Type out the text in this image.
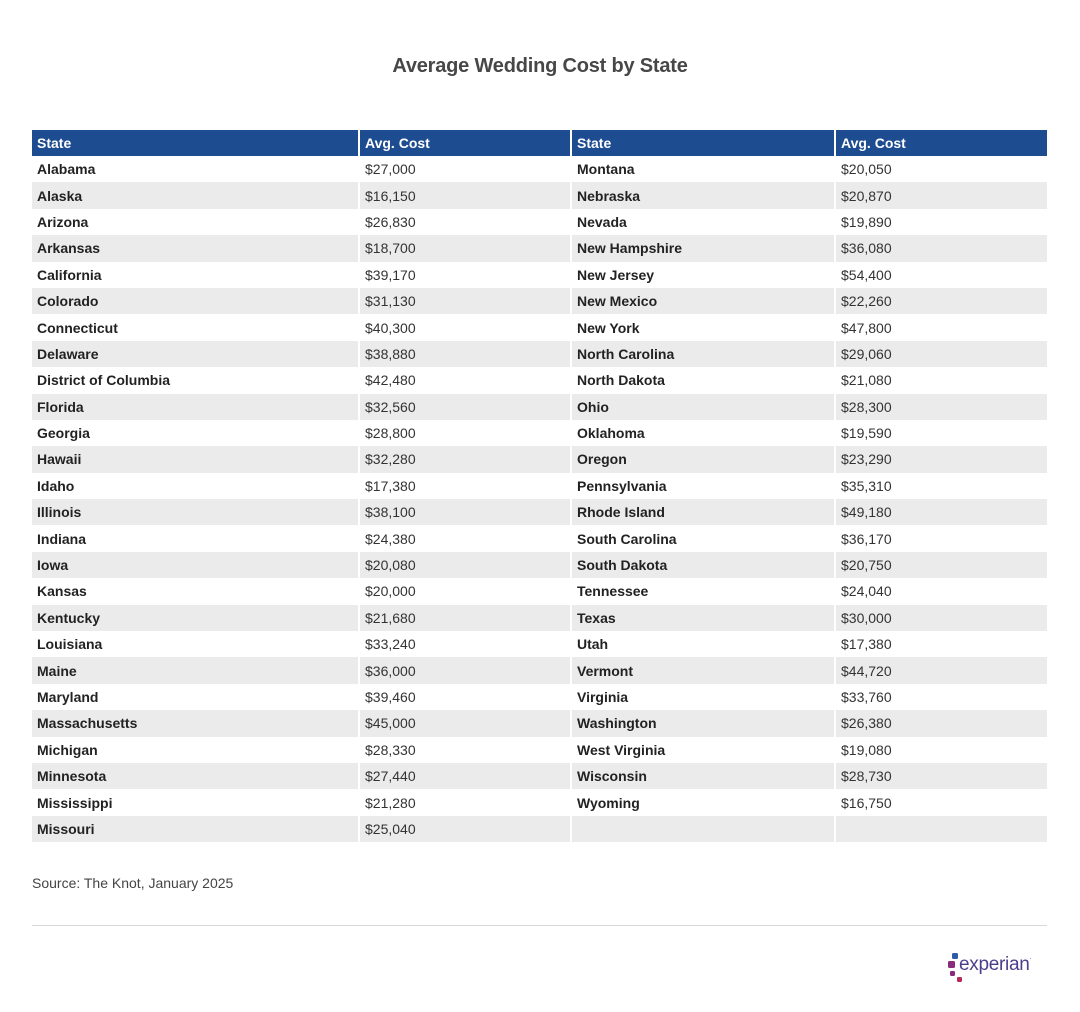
Average Wedding Cost by State
State	Avg. Cost	State	Avg. Cost
Alabama	$27,000	Montana	$20,050
Alaska	$16,150	Nebraska	$20,870
Arizona	$26,830	Nevada	$19,890
Arkansas	$18,700	New Hampshire	$36,080
California	$39,170	New Jersey	$54,400
Colorado	$31,130	New Mexico	$22,260
Connecticut	$40,300	New York	$47,800
Delaware	$38,880	North Carolina	$29,060
District of Columbia	$42,480	North Dakota	$21,080
Florida	$32,560	Ohio	$28,300
Georgia	$28,800	Oklahoma	$19,590
Hawaii	$32,280	Oregon	$23,290
Idaho	$17,380	Pennsylvania	$35,310
Illinois	$38,100	Rhode Island	$49,180
Indiana	$24,380	South Carolina	$36,170
Iowa	$20,080	South Dakota	$20,750
Kansas	$20,000	Tennessee	$24,040
Kentucky	$21,680	Texas	$30,000
Louisiana	$33,240	Utah	$17,380
Maine	$36,000	Vermont	$44,720
Maryland	$39,460	Virginia	$33,760
Massachusetts	$45,000	Washington	$26,380
Michigan	$28,330	West Virginia	$19,080
Minnesota	$27,440	Wisconsin	$28,730
Mississippi	$21,280	Wyoming	$16,750
Missouri	$25,040		
Source: The Knot, January 2025
experian.
